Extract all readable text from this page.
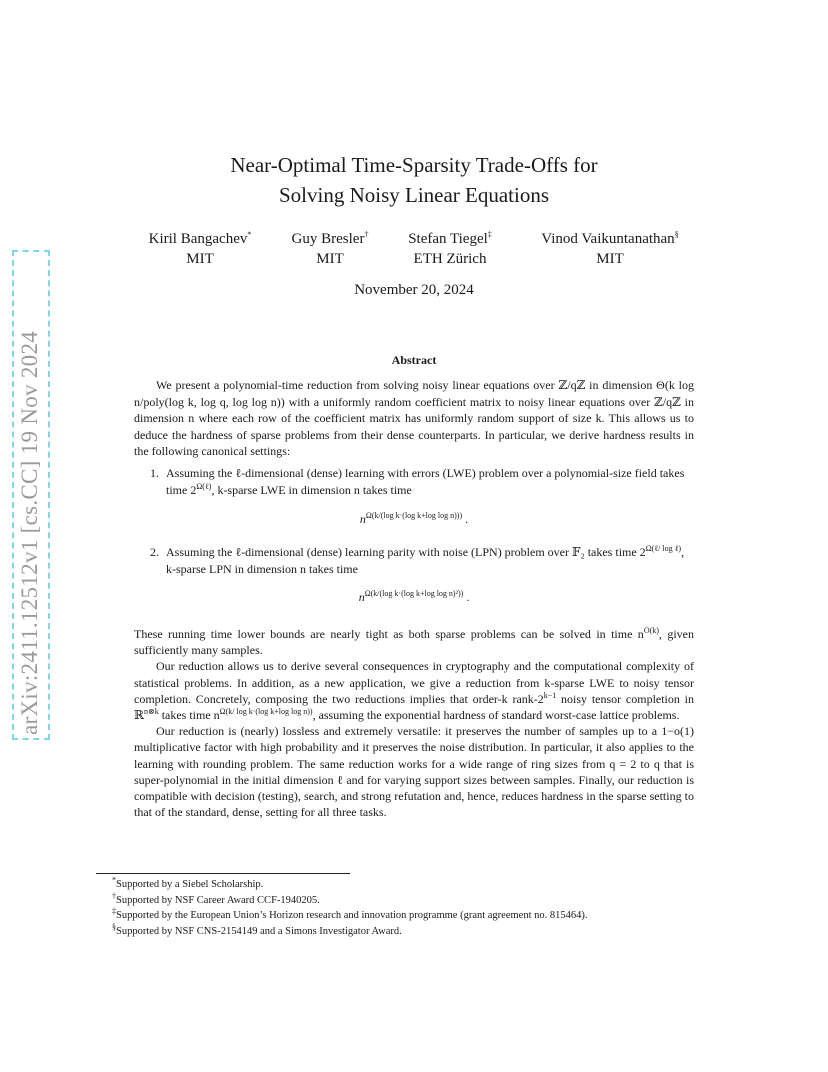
arXiv:2411.12512v1 [cs.CC] 19 Nov 2024
Near-Optimal Time-Sparsity Trade-Offs for
Solving Noisy Linear Equations
Kiril Bangachev*
MIT
Guy Bresler†
MIT
Stefan Tiegel‡
ETH Zürich
Vinod Vaikuntanathan§
MIT
November 20, 2024
Abstract

We present a polynomial-time reduction from solving noisy linear equations over ℤ/qℤ in dimension Θ(k log n/poly(log k, log q, log log n)) with a uniformly random coefficient matrix to noisy linear equations over ℤ/qℤ in dimension n where each row of the coefficient matrix has uniformly random support of size k. This allows us to deduce the hardness of sparse problems from their dense counterparts. In particular, we derive hardness results in the following canonical settings:

1. Assuming the ℓ-dimensional (dense) learning with errors (LWE) problem over a polynomial-size field takes time $2^{\Omega(\ell)}$, k-sparse LWE in dimension n takes time
$n^{\Omega(k/(log k\cdot(log k+log log n)))}$ .
2. Assuming the ℓ-dimensional (dense) learning parity with noise (LPN) problem over 𝔽₂ takes time $2^{\Omega(\ell/ log \ell)}$, k-sparse LPN in dimension n takes time
$n^{\Omega(k/(log k\cdot(log k+log log n)^2))}$ .

These running time lower bounds are nearly tight as both sparse problems can be solved in time $n^{O(k)}$, given sufficiently many samples.

Our reduction allows us to derive several consequences in cryptography and the computational complexity of statistical problems. In addition, as a new application, we give a reduction from k-sparse LWE to noisy tensor completion. Concretely, composing the two reductions implies that order-k rank-$2^{k-1}$ noisy tensor completion in ℝ$^{n\otimes k}$ takes time $n^{\Omega(k/ log k\cdot(log k+log log n))}$, assuming the exponential hardness of standard worst-case lattice problems.

Our reduction is (nearly) lossless and extremely versatile: it preserves the number of samples up to a 1−o(1) multiplicative factor with high probability and it preserves the noise distribution. In particular, it also applies to the learning with rounding problem. The same reduction works for a wide range of ring sizes from q = 2 to q that is super-polynomial in the initial dimension ℓ and for varying support sizes between samples. Finally, our reduction is compatible with decision (testing), search, and strong refutation and, hence, reduces hardness in the sparse setting to that of the standard, dense, setting for all three tasks.

*Supported by a Siebel Scholarship.
†Supported by NSF Career Award CCF-1940205.
‡Supported by the European Union’s Horizon research and innovation programme (grant agreement no. 815464).
§Supported by NSF CNS-2154149 and a Simons Investigator Award.
